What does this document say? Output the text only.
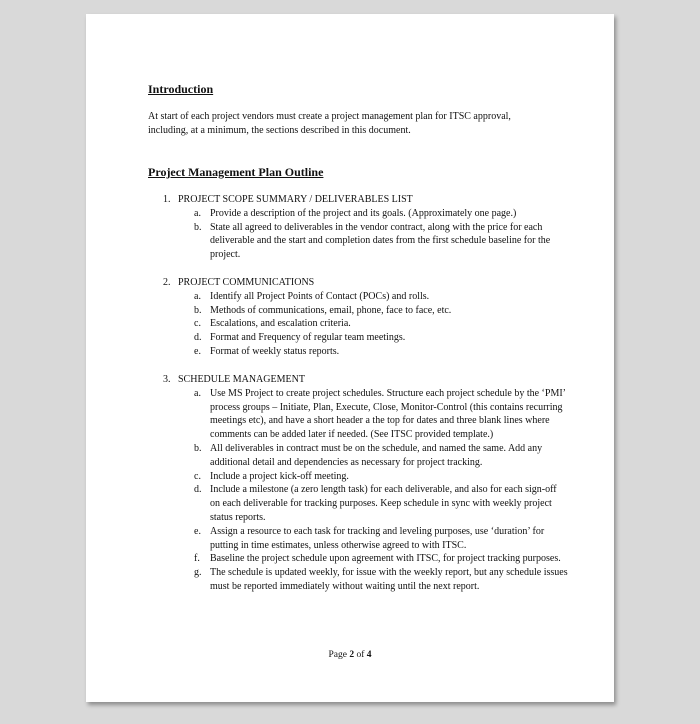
Introduction
At start of each project vendors must create a project management plan for ITSC approval, including, at a minimum, the sections described in this document.
Project Management Plan Outline
1. PROJECT SCOPE SUMMARY / DELIVERABLES LIST
a. Provide a description of the project and its goals. (Approximately one page.)
b. State all agreed to deliverables in the vendor contract, along with the price for each deliverable and the start and completion dates from the first schedule baseline for the project.
2. PROJECT COMMUNICATIONS
a. Identify all Project Points of Contact (POCs) and rolls.
b. Methods of communications, email, phone, face to face, etc.
c. Escalations, and escalation criteria.
d. Format and Frequency of regular team meetings.
e. Format of weekly status reports.
3. SCHEDULE MANAGEMENT
a. Use MS Project to create project schedules. Structure each project schedule by the ‘PMI’ process groups – Initiate, Plan, Execute, Close, Monitor-Control (this contains recurring meetings etc), and have a short header a the top for dates and three blank lines where comments can be added later if needed. (See ITSC provided template.)
b. All deliverables in contract must be on the schedule, and named the same. Add any additional detail and dependencies as necessary for project tracking.
c. Include a project kick-off meeting.
d. Include a milestone (a zero length task) for each deliverable, and also for each sign-off on each deliverable for tracking purposes. Keep schedule in sync with weekly project status reports.
e. Assign a resource to each task for tracking and leveling purposes, use ‘duration’ for putting in time estimates, unless otherwise agreed to with ITSC.
f. Baseline the project schedule upon agreement with ITSC, for project tracking purposes.
g. The schedule is updated weekly, for issue with the weekly report, but any schedule issues must be reported immediately without waiting until the next report.
Page 2 of 4
